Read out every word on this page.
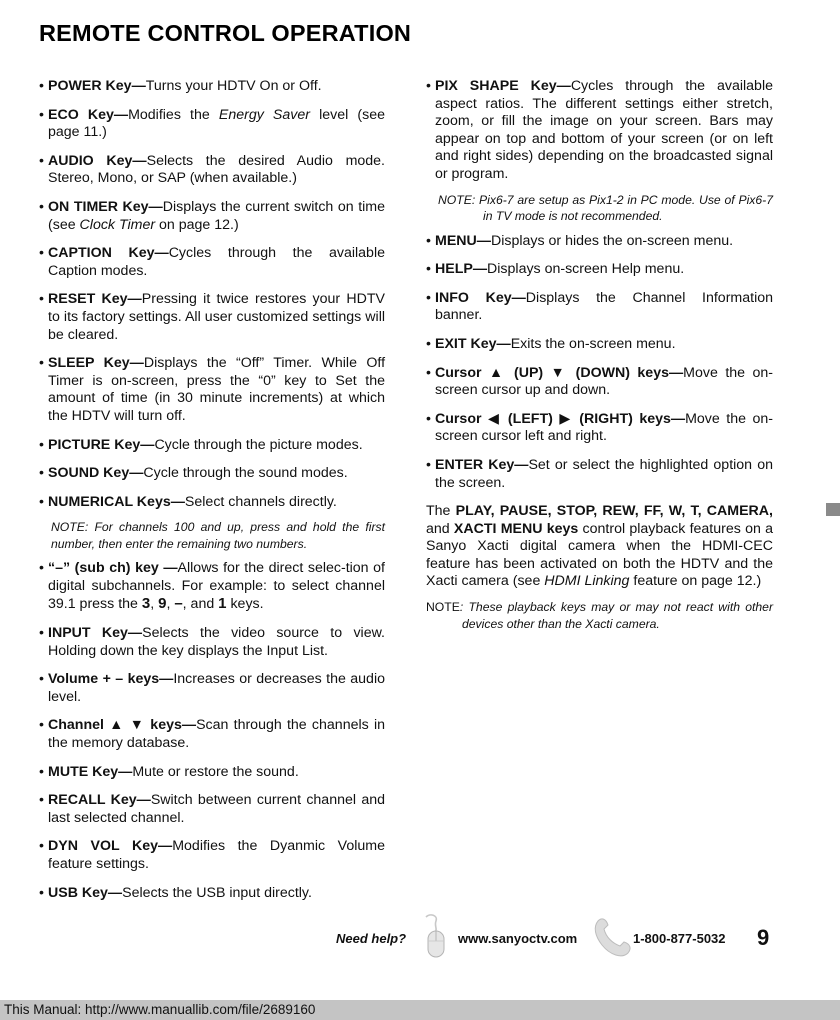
REMOTE CONTROL OPERATION
• POWER Key—Turns your HDTV On or Off.
• ECO Key—Modifies the Energy Saver level (see page 11.)
• AUDIO Key—Selects the desired Audio mode. Stereo, Mono, or SAP (when available.)
• ON TIMER Key—Displays the current switch on time (see Clock Timer on page 12.)
• CAPTION Key—Cycles through the available Caption modes.
• RESET Key—Pressing it twice restores your HDTV to its factory settings. All user customized settings will be cleared.
• SLEEP Key—Displays the “Off” Timer. While Off Timer is on-screen, press the “0” key to Set the amount of time (in 30 minute increments) at which the HDTV will turn off.
• PICTURE Key—Cycle through the picture modes.
• SOUND Key—Cycle through the sound modes.
• NUMERICAL Keys—Select channels directly.
NOTE: For channels 100 and up, press and hold the first number, then enter the remaining two numbers.
• “–” (sub ch) key —Allows for the direct selec-tion of digital subchannels. For example: to select channel 39.1 press the 3, 9, –, and 1 keys.
• INPUT Key—Selects the video source to view. Holding down the key displays the Input List.
• Volume + – keys—Increases or decreases the audio level.
• Channel ▲ ▼ keys—Scan through the channels in the memory database.
• MUTE Key—Mute or restore the sound.
• RECALL Key—Switch between current channel and last selected channel.
• DYN VOL Key—Modifies the Dyanmic Volume feature settings.
• USB Key—Selects the USB input directly.
• PIX SHAPE Key—Cycles through the available aspect ratios. The different settings either stretch, zoom, or fill the image on your screen. Bars may appear on top and bottom of your screen (or on left and right sides) depending on the broadcasted signal or program.
NOTE: Pix6-7 are setup as Pix1-2 in PC mode. Use of Pix6-7 in TV mode is not recommended.
• MENU—Displays or hides the on-screen menu.
• HELP—Displays on-screen Help menu.
• INFO Key—Displays the Channel Information banner.
• EXIT Key—Exits the on-screen menu.
• Cursor ▲ (UP) ▼ (DOWN) keys—Move the on-screen cursor up and down.
• Cursor ◀ (LEFT) ▶ (RIGHT) keys—Move the on-screen cursor left and right.
• ENTER Key—Set or select the highlighted option on the screen.
The PLAY, PAUSE, STOP, REW, FF, W, T, CAMERA, and XACTI MENU keys control playback features on a Sanyo Xacti digital camera when the HDMI-CEC feature has been activated on both the HDTV and the Xacti camera (see HDMI Linking feature on page 12.)
NOTE: These playback keys may or may not react with other devices other than the Xacti camera.
Need help?	www.sanyoctv.com	1-800-877-5032 9
This Manual: http://www.manuallib.com/file/2689160
